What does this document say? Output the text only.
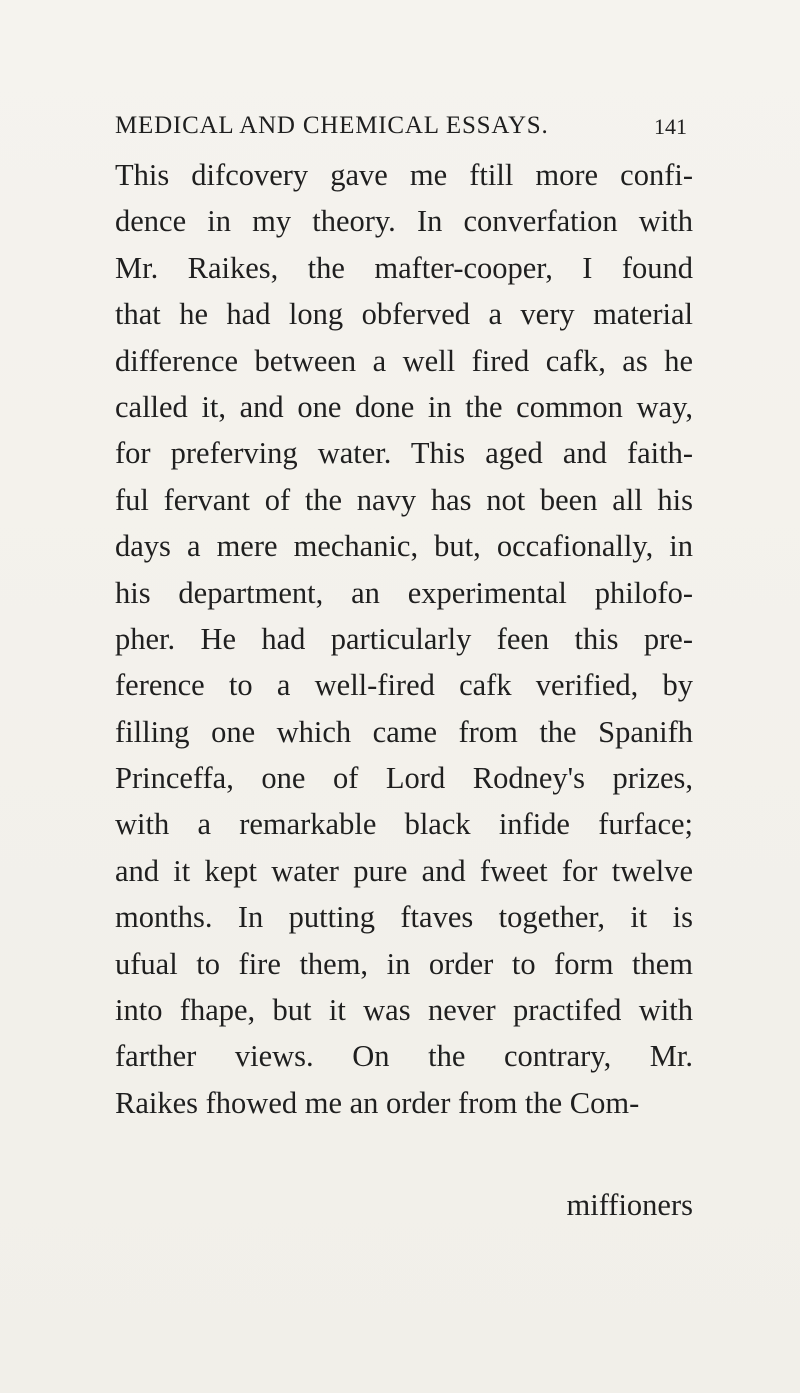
MEDICAL AND CHEMICAL ESSAYS.	141
This difcovery gave me ftill more confi-
dence in my theory. In converfation with
Mr. Raikes, the mafter-cooper, I found
that he had long obferved a very material
difference between a well fired cafk, as he
called it, and one done in the common way,
for preferving water. This aged and faith-
ful fervant of the navy has not been all his
days a mere mechanic, but, occafionally, in
his department, an experimental philofo-
pher. He had particularly feen this pre-
ference to a well-fired cafk verified, by
filling one which came from the Spanifh
Princeffa, one of Lord Rodney's prizes,
with a remarkable black infide furface;
and it kept water pure and fweet for twelve
months. In putting ftaves together, it is
ufual to fire them, in order to form them
into fhape, but it was never practifed with
farther views. On the contrary, Mr.
Raikes fhowed me an order from the Com-
miffioners
